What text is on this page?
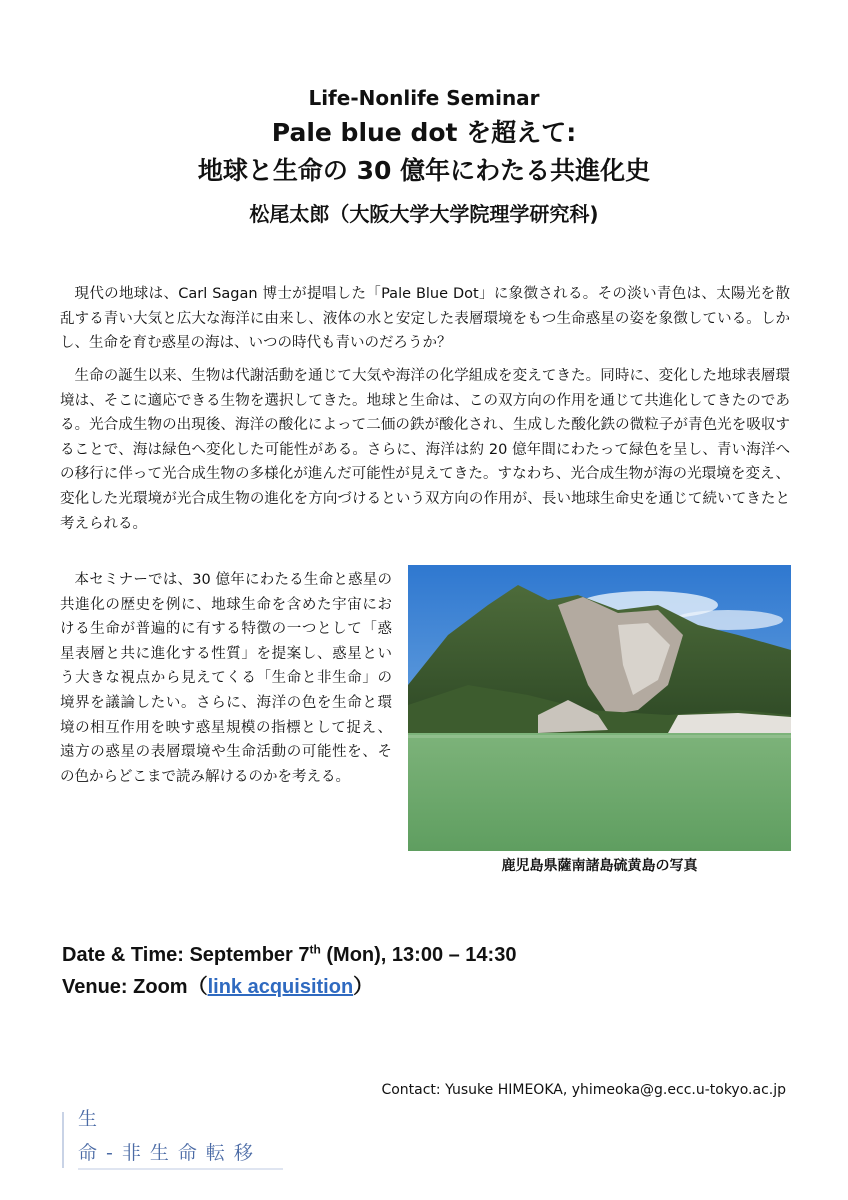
Life-Nonlife Seminar

Pale blue dot を超えて:

地球と生命の 30 億年にわたる共進化史

松尾太郎（大阪大学大学院理学研究科)

現代の地球は、Carl Sagan 博士が提唱した「Pale Blue Dot」に象徴される。その淡い青色は、太陽光を散乱する青い大気と広大な海洋に由来し、液体の水と安定した表層環境をもつ生命惑星の姿を象徴している。しかし、生命を育む惑星の海は、いつの時代も青いのだろうか？

生命の誕生以来、生物は代謝活動を通じて大気や海洋の化学組成を変えてきた。同時に、変化した地球表層環境は、そこに適応できる生物を選択してきた。地球と生命は、この双方向の作用を通じて共進化してきたのである。光合成生物の出現後、海洋の酸化によって二価の鉄が酸化され、生成した酸化鉄の微粒子が青色光を吸収することで、海は緑色へ変化した可能性がある。さらに、海洋は約 20 億年間にわたって緑色を呈し、青い海洋への移行に伴って光合成生物の多様化が進んだ可能性が見えてきた。すなわち、光合成生物が海の光環境を変え、変化した光環境が光合成生物の進化を方向づけるという双方向の作用が、長い地球生命史を通じて続いてきたと考えられる。

本セミナーでは、30 億年にわたる生命と惑星の共進化の歴史を例に、地球生命を含めた宇宙における生命が普遍的に有する特徴の一つとして「惑星表層と共に進化する性質」を提案し、惑星という大きな視点から見えてくる「生命と非生命」の境界を議論したい。さらに、海洋の色を生命と環境の相互作用を映す惑星規模の指標として捉え、遠方の惑星の表層環境や生命活動の可能性を、その色からどこまで読み解けるのかを考える。

鹿児島県薩南諸島硫黄島の写真
Date & Time: September 7th (Mon), 13:00 – 14:30
Venue: Zoom（link acquisition）
Contact: Yusuke HIMEOKA, yhimeoka@g.ecc.u-tokyo.ac.jp
生
命-非生命転移
